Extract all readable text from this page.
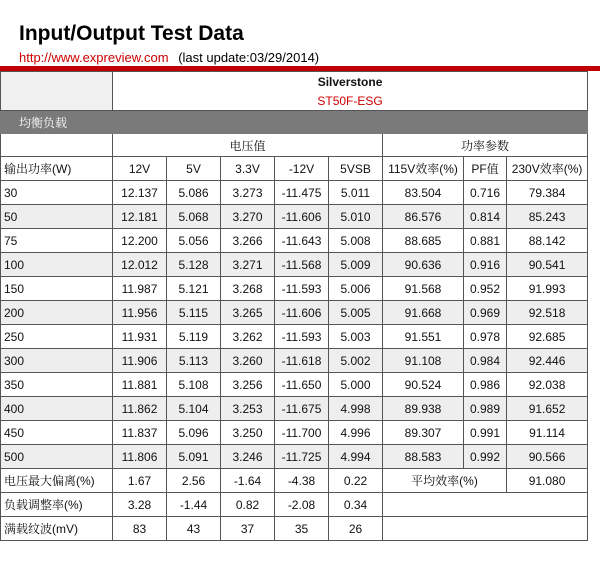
Input/Output Test Data
http://www.expreview.com (last update:03/29/2014)
	Silverstone							
	ST50F-ESG							
均衡负载								
	电压值					功率参数		
输出功率(W)	12V	5V	3.3V	-12V	5VSB	115V效率(%)	PF值	230V效率(%)
30	12.137	5.086	3.273	-11.475	5.011	83.504	0.716	79.384
50	12.181	5.068	3.270	-11.606	5.010	86.576	0.814	85.243
75	12.200	5.056	3.266	-11.643	5.008	88.685	0.881	88.142
100	12.012	5.128	3.271	-11.568	5.009	90.636	0.916	90.541
150	11.987	5.121	3.268	-11.593	5.006	91.568	0.952	91.993
200	11.956	5.115	3.265	-11.606	5.005	91.668	0.969	92.518
250	11.931	5.119	3.262	-11.593	5.003	91.551	0.978	92.685
300	11.906	5.113	3.260	-11.618	5.002	91.108	0.984	92.446
350	11.881	5.108	3.256	-11.650	5.000	90.524	0.986	92.038
400	11.862	5.104	3.253	-11.675	4.998	89.938	0.989	91.652
450	11.837	5.096	3.250	-11.700	4.996	89.307	0.991	91.114
500	11.806	5.091	3.246	-11.725	4.994	88.583	0.992	90.566
电压最大偏离(%)	1.67	2.56	-1.64	-4.38	0.22	平均效率(%)		91.080
负载调整率(%)	3.28	-1.44	0.82	-2.08	0.34			
满载纹波(mV)	83	43	37	35	26			
